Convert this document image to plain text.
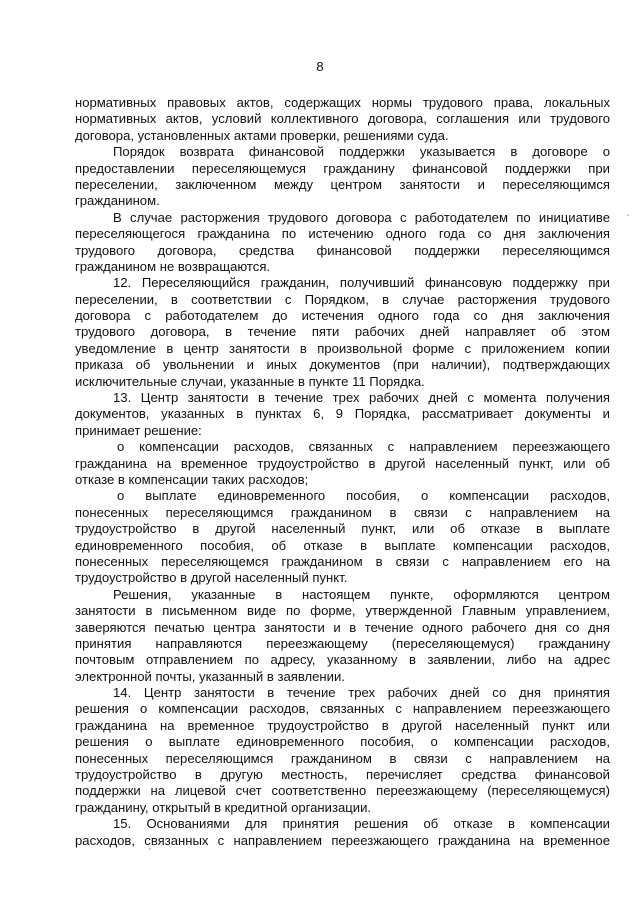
8
нормативных правовых актов, содержащих нормы трудового права, локальных
нормативных актов, условий коллективного договора, соглашения или трудового
договора, установленных актами проверки, решениями суда.
Порядок возврата финансовой поддержки указывается в договоре о
предоставлении переселяющемуся гражданину финансовой поддержки при
переселении, заключенном между центром занятости и переселяющимся
гражданином.
В случае расторжения трудового договора с работодателем по инициативе
переселяющегося гражданина по истечению одного года со дня заключения
трудового договора, средства финансовой поддержки переселяющимся
гражданином не возвращаются.
12. Переселяющийся гражданин, получивший финансовую поддержку при
переселении, в соответствии с Порядком, в случае расторжения трудового
договора с работодателем до истечения одного года со дня заключения
трудового договора, в течение пяти рабочих дней направляет об этом
уведомление в центр занятости в произвольной форме с приложением копии
приказа об увольнении и иных документов (при наличии), подтверждающих
исключительные случаи, указанные в пункте 11 Порядка.
13. Центр занятости в течение трех рабочих дней с момента получения
документов, указанных в пунктах 6, 9 Порядка, рассматривает документы и
принимает решение:
о компенсации расходов, связанных с направлением переезжающего
гражданина на временное трудоустройство в другой населенный пункт, или об
отказе в компенсации таких расходов;
о выплате единовременного пособия, о компенсации расходов,
понесенных переселяющимся гражданином в связи с направлением на
трудоустройство в другой населенный пункт, или об отказе в выплате
единовременного пособия, об отказе в выплате компенсации расходов,
понесенных переселяющемся гражданином в связи с направлением его на
трудоустройство в другой населенный пункт.
Решения, указанные в настоящем пункте, оформляются центром
занятости в письменном виде по форме, утвержденной Главным управлением,
заверяются печатью центра занятости и в течение одного рабочего дня со дня
принятия направляются переезжающему (переселяющемуся) гражданину
почтовым отправлением по адресу, указанному в заявлении, либо на адрес
электронной почты, указанный в заявлении.
14. Центр занятости в течение трех рабочих дней со дня принятия
решения о компенсации расходов, связанных с направлением переезжающего
гражданина на временное трудоустройство в другой населенный пункт или
решения о выплате единовременного пособия, о компенсации расходов,
понесенных переселяющимся гражданином в связи с направлением на
трудоустройство в другую местность, перечисляет средства финансовой
поддержки на лицевой счет соответственно переезжающему (переселяющемуся)
гражданину, открытый в кредитной организации.
15. Основаниями для принятия решения об отказе в компенсации
расходов, связанных с направлением переезжающего гражданина на временное
